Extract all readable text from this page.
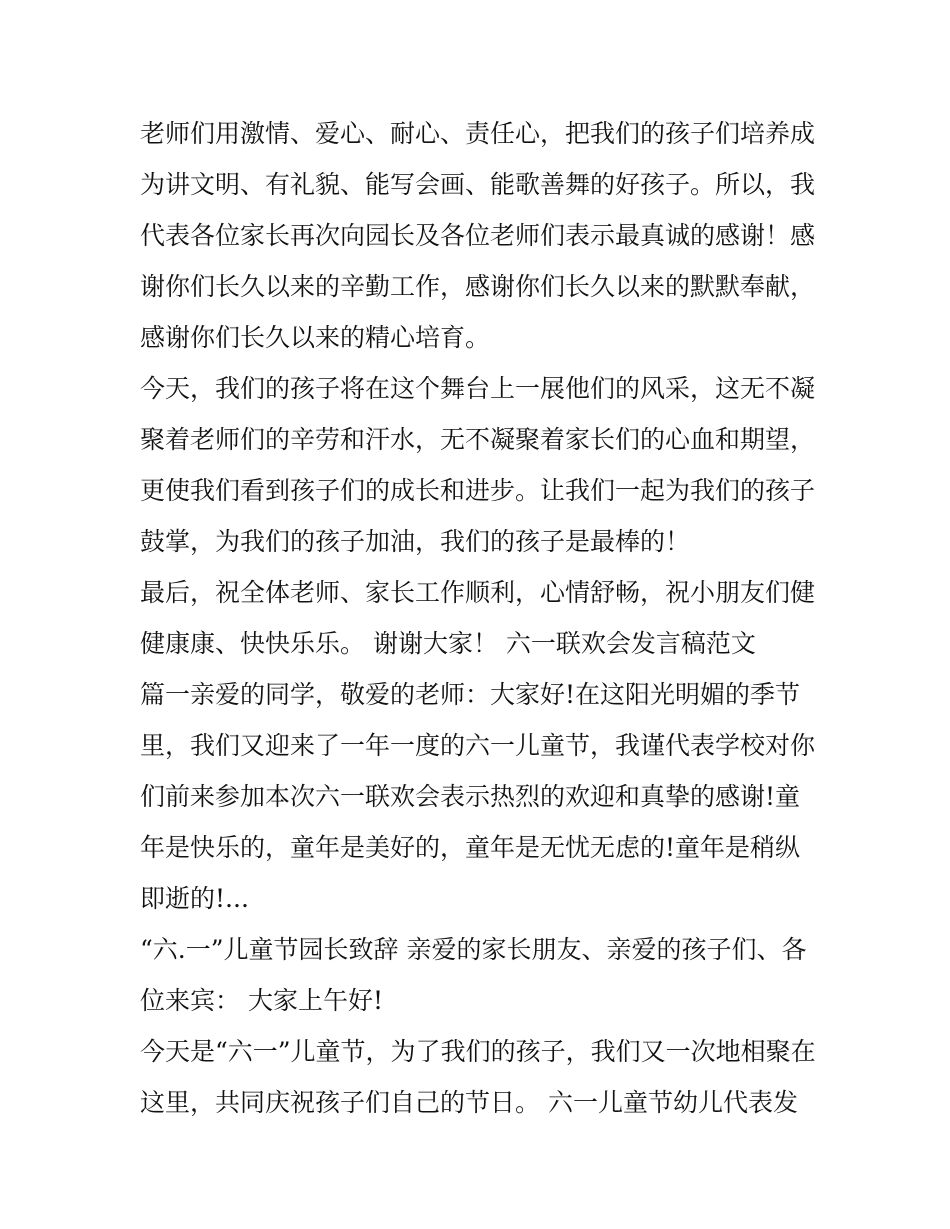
老师们用激情、爱心、耐心、责任心，把我们的孩子们培养成
为讲文明、有礼貌、能写会画、能歌善舞的好孩子。所以，我
代表各位家长再次向园长及各位老师们表示最真诚的感谢！感
谢你们长久以来的辛勤工作，感谢你们长久以来的默默奉献，
感谢你们长久以来的精心培育。
今天，我们的孩子将在这个舞台上一展他们的风采，这无不凝
聚着老师们的辛劳和汗水，无不凝聚着家长们的心血和期望，
更使我们看到孩子们的成长和进步。让我们一起为我们的孩子
鼓掌，为我们的孩子加油，我们的孩子是最棒的！
最后，祝全体老师、家长工作顺利，心情舒畅，祝小朋友们健
健康康、快快乐乐。 谢谢大家！ 六一联欢会发言稿范文
篇一亲爱的同学，敬爱的老师：大家好!在这阳光明媚的季节
里，我们又迎来了一年一度的六一儿童节，我谨代表学校对你
们前来参加本次六一联欢会表示热烈的欢迎和真挚的感谢!童
年是快乐的，童年是美好的，童年是无忧无虑的!童年是稍纵
即逝的!...
“六.一”儿童节园长致辞 亲爱的家长朋友、亲爱的孩子们、各
位来宾： 大家上午好!
今天是“六一”儿童节，为了我们的孩子，我们又一次地相聚在
这里，共同庆祝孩子们自己的节日。 六一儿童节幼儿代表发
